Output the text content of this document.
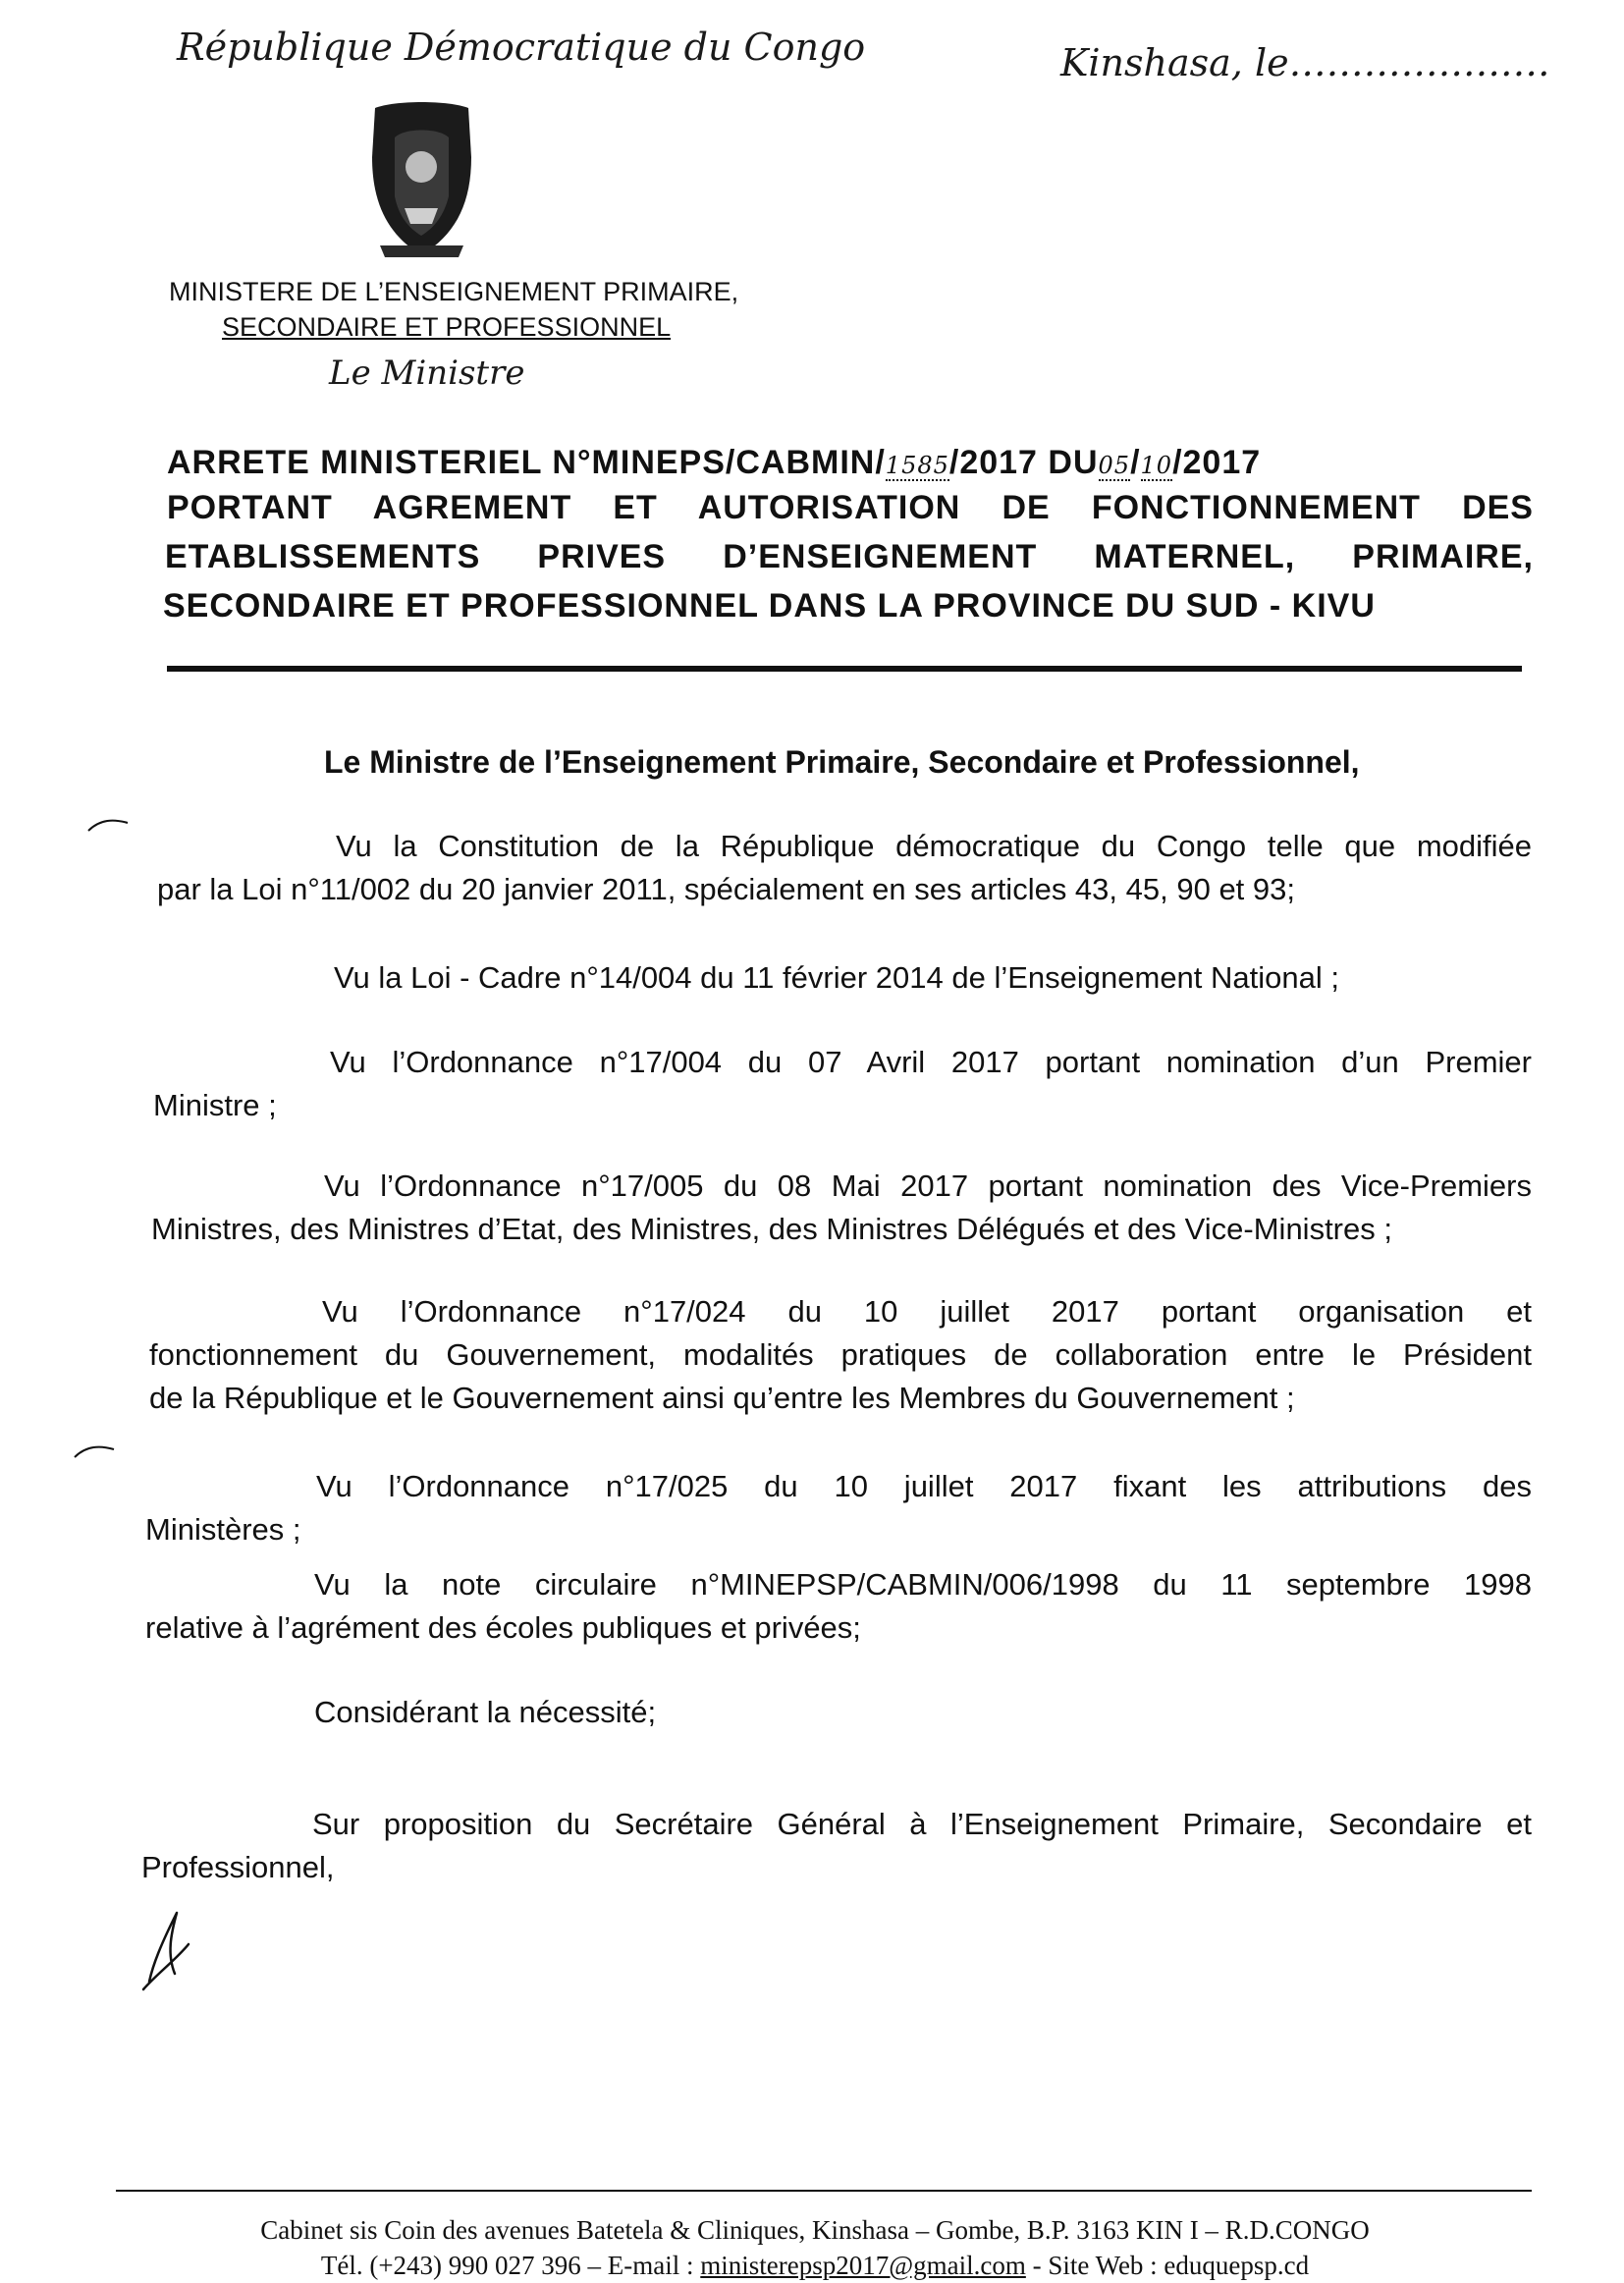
République Démocratique du Congo	Kinshasa, le…………………
MINISTERE DE L’ENSEIGNEMENT PRIMAIRE,
SECONDAIRE ET PROFESSIONNEL
Le Ministre
ARRETE MINISTERIEL N°MINEPS/CABMIN/1585/2017 DU05/10/2017
PORTANT AGREMENT ET AUTORISATION DE FONCTIONNEMENT DES
ETABLISSEMENTS PRIVES D’ENSEIGNEMENT MATERNEL, PRIMAIRE,
SECONDAIRE ET PROFESSIONNEL DANS LA PROVINCE DU SUD - KIVU
Le Ministre de l’Enseignement Primaire, Secondaire et Professionnel,
Vu la Constitution de la République démocratique du Congo telle que modifiée
par la Loi n°11/002 du 20 janvier 2011, spécialement en ses articles 43, 45, 90 et 93;
Vu la Loi - Cadre n°14/004 du 11 février 2014 de l’Enseignement National ;
Vu l’Ordonnance n°17/004 du 07 Avril 2017 portant nomination d’un Premier
Ministre ;
Vu l’Ordonnance n°17/005 du 08 Mai 2017 portant nomination des Vice-Premiers
Ministres, des Ministres d’Etat, des Ministres, des Ministres Délégués et des Vice-Ministres ;
Vu l’Ordonnance n°17/024 du 10 juillet 2017 portant organisation et
fonctionnement du Gouvernement, modalités pratiques de collaboration entre le Président
de la République et le Gouvernement ainsi qu’entre les Membres du Gouvernement ;
Vu l’Ordonnance n°17/025 du 10 juillet 2017 fixant les attributions des
Ministères ;
Vu la note circulaire n°MINEPSP/CABMIN/006/1998 du 11 septembre 1998
relative à l’agrément des écoles publiques et privées;
Considérant la nécessité;
Sur proposition du Secrétaire Général à l’Enseignement Primaire, Secondaire et
Professionnel,
Cabinet sis Coin des avenues Batetela & Cliniques, Kinshasa – Gombe, B.P. 3163 KIN I – R.D.CONGO
Tél. (+243) 990 027 396 – E-mail : ministerepsp2017@gmail.com - Site Web : eduquepsp.cd
